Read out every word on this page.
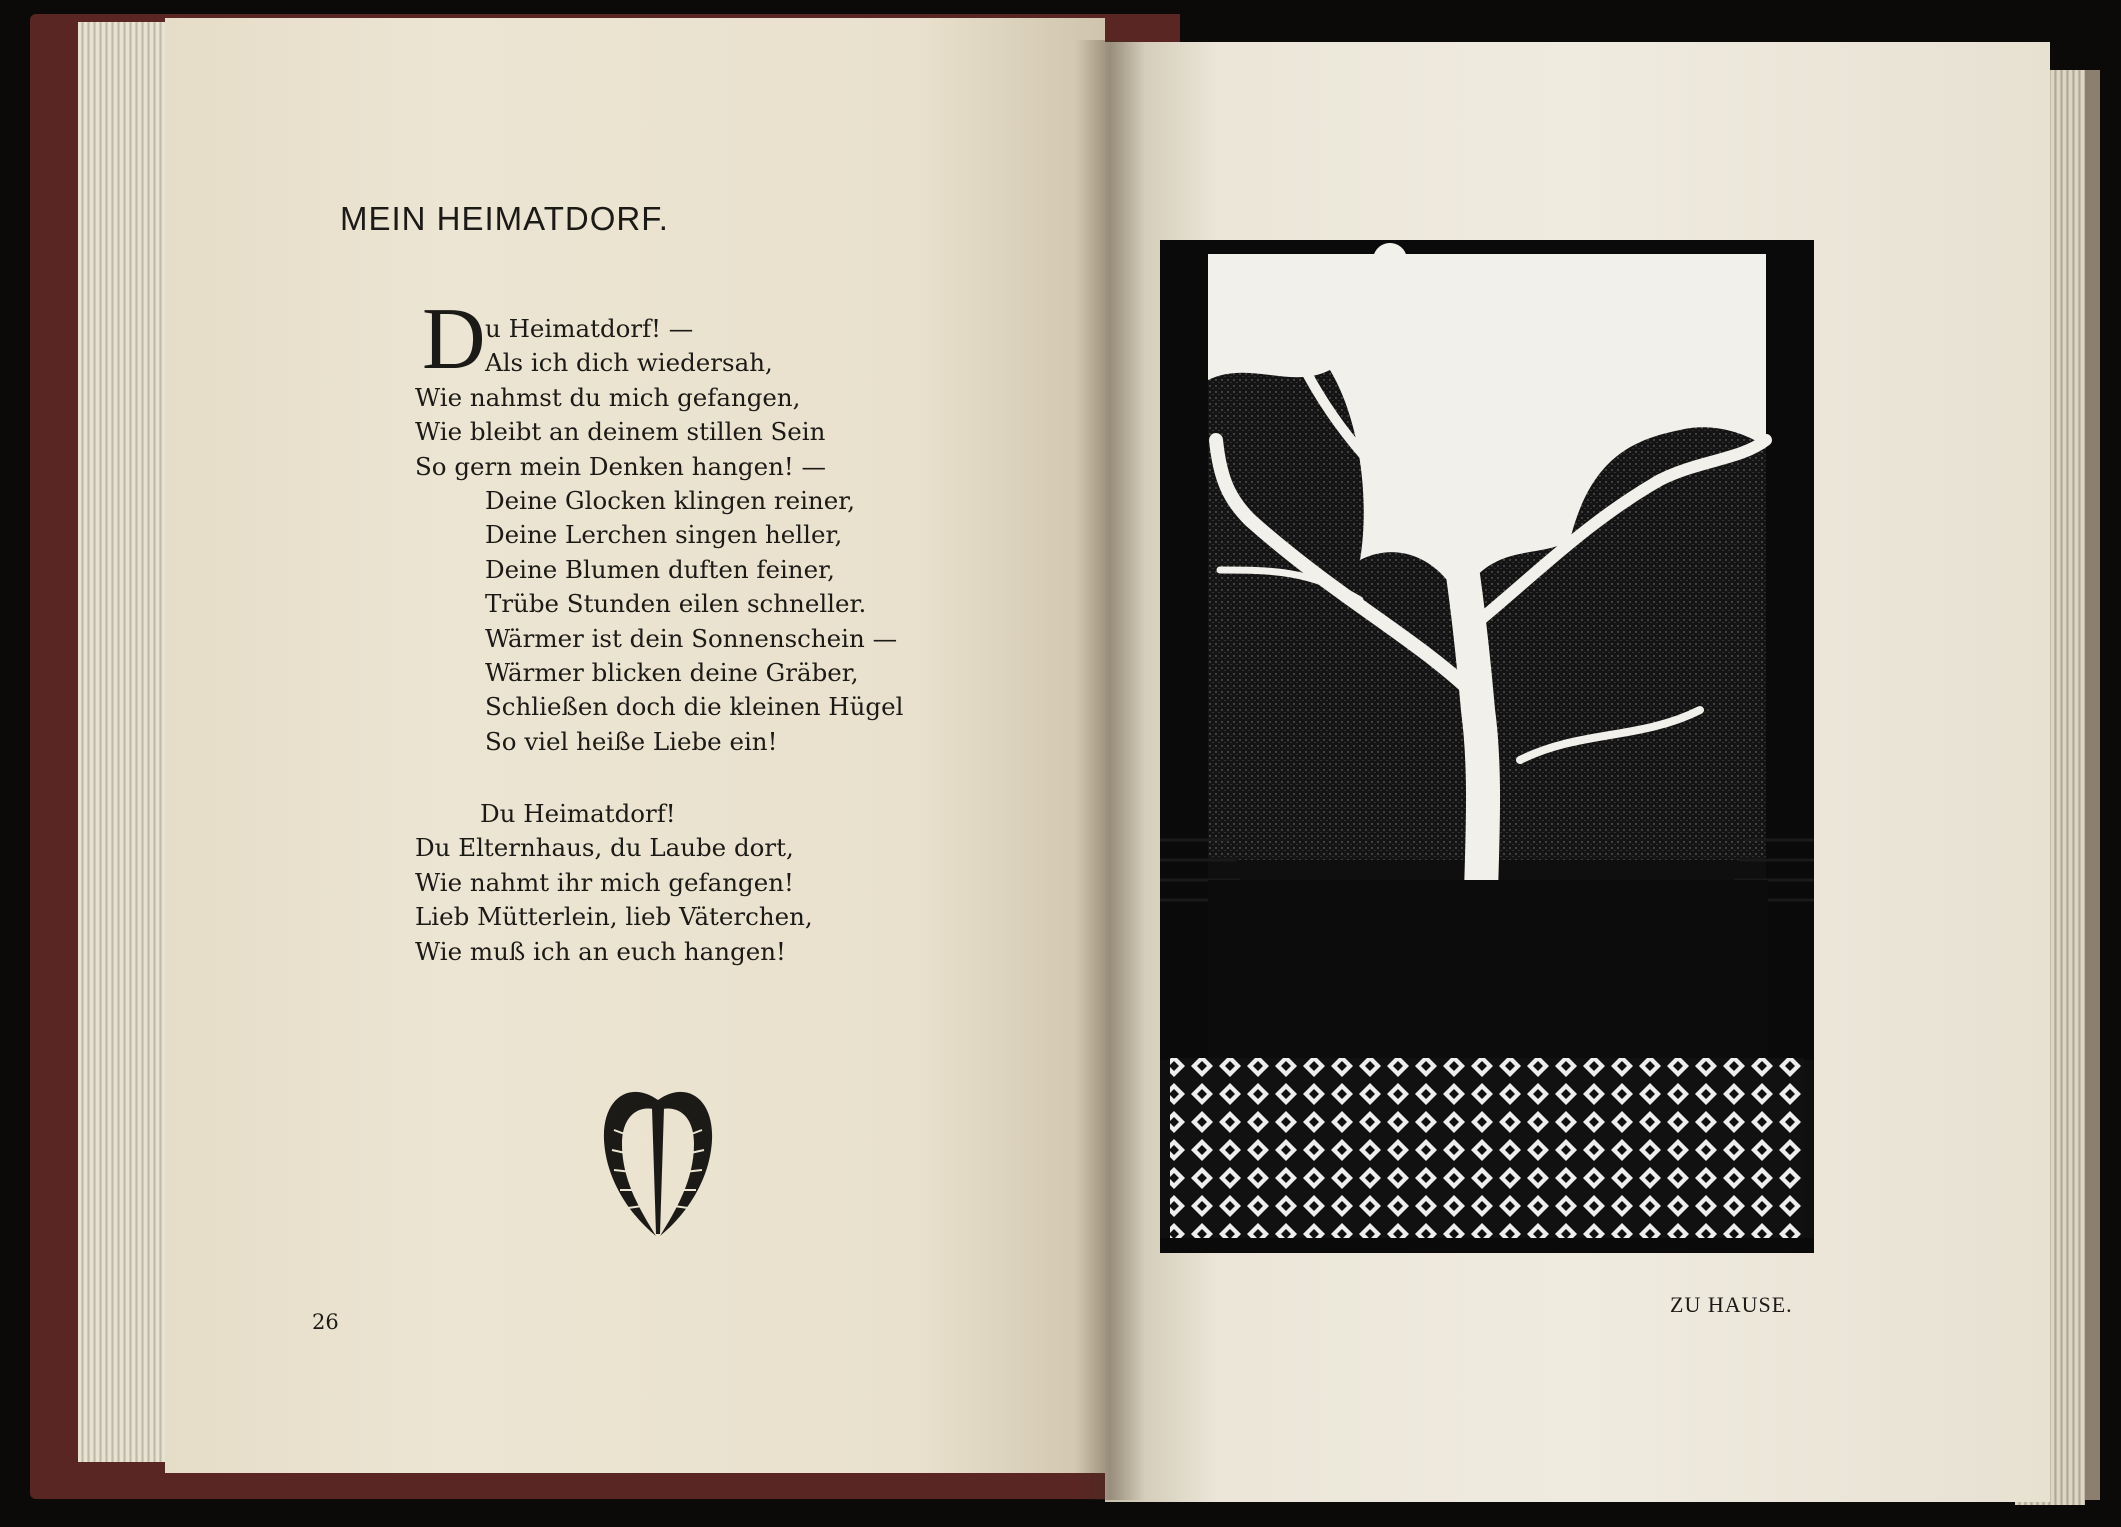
MEIN HEIMATDORF.
D u Heimatdorf! —
Als ich dich wiedersah,
Wie nahmst du mich gefangen,
Wie bleibt an deinem stillen Sein
So gern mein Denken hangen! —
Deine Glocken klingen reiner,
Deine Lerchen singen heller,
Deine Blumen duften feiner,
Trübe Stunden eilen schneller.
Wärmer ist dein Sonnenschein —
Wärmer blicken deine Gräber,
Schließen doch die kleinen Hügel
So viel heiße Liebe ein!
Du Heimatdorf!
Du Elternhaus, du Laube dort,
Wie nahmt ihr mich gefangen!
Lieb Mütterlein, lieb Väterchen,
Wie muß ich an euch hangen!
26
ZU HAUSE.
